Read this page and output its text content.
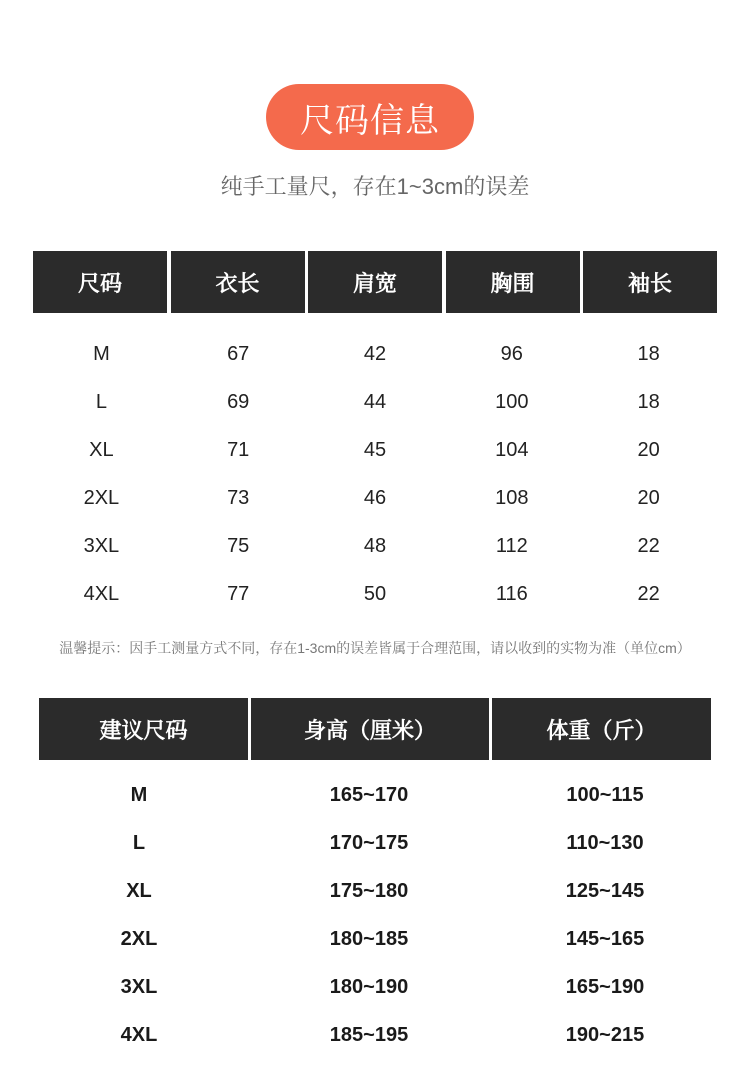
尺码信息
纯手工量尺，存在1~3cm的误差
尺码	衣长	肩宽	胸围	袖长
M	67	42	96	18
L	69	44	100	18
XL	71	45	104	20
2XL	73	46	108	20
3XL	75	48	112	22
4XL	77	50	116	22
温馨提示：因手工测量方式不同，存在1-3cm的误差皆属于合理范围，请以收到的实物为准（单位cm）
建议尺码	身高（厘米）	体重（斤）
M	165~170	100~115
L	170~175	110~130
XL	175~180	125~145
2XL	180~185	145~165
3XL	180~190	165~190
4XL	185~195	190~215
